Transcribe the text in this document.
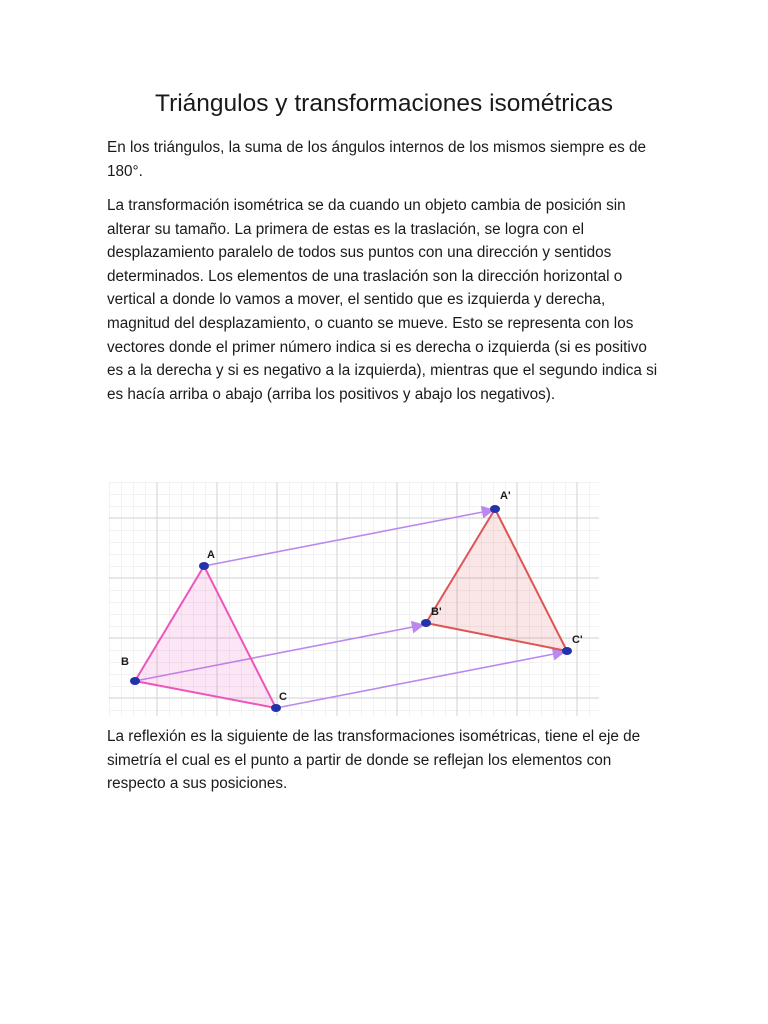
Triángulos y transformaciones isométricas

En los triángulos, la suma de los ángulos internos de los mismos siempre es de 180°.

La transformación isométrica se da cuando un objeto cambia de posición sin alterar su tamaño. La primera de estas es la traslación, se logra con el desplazamiento paralelo de todos sus puntos con una dirección y sentidos determinados. Los elementos de una traslación son la dirección horizontal o vertical a donde lo vamos a mover, el sentido que es izquierda y derecha, magnitud del desplazamiento, o cuanto se mueve. Esto se representa con los vectores donde el primer número indica si es derecha o izquierda (si es positivo es a la derecha y si es negativo a la izquierda), mientras que el segundo indica si es hacía arriba o abajo (arriba los positivos y abajo los negativos).

A
B
C
A'
B'
C'

La reflexión es la siguiente de las transformaciones isométricas, tiene el eje de simetría el cual es el punto a partir de donde se reflejan los elementos con respecto a sus posiciones.
